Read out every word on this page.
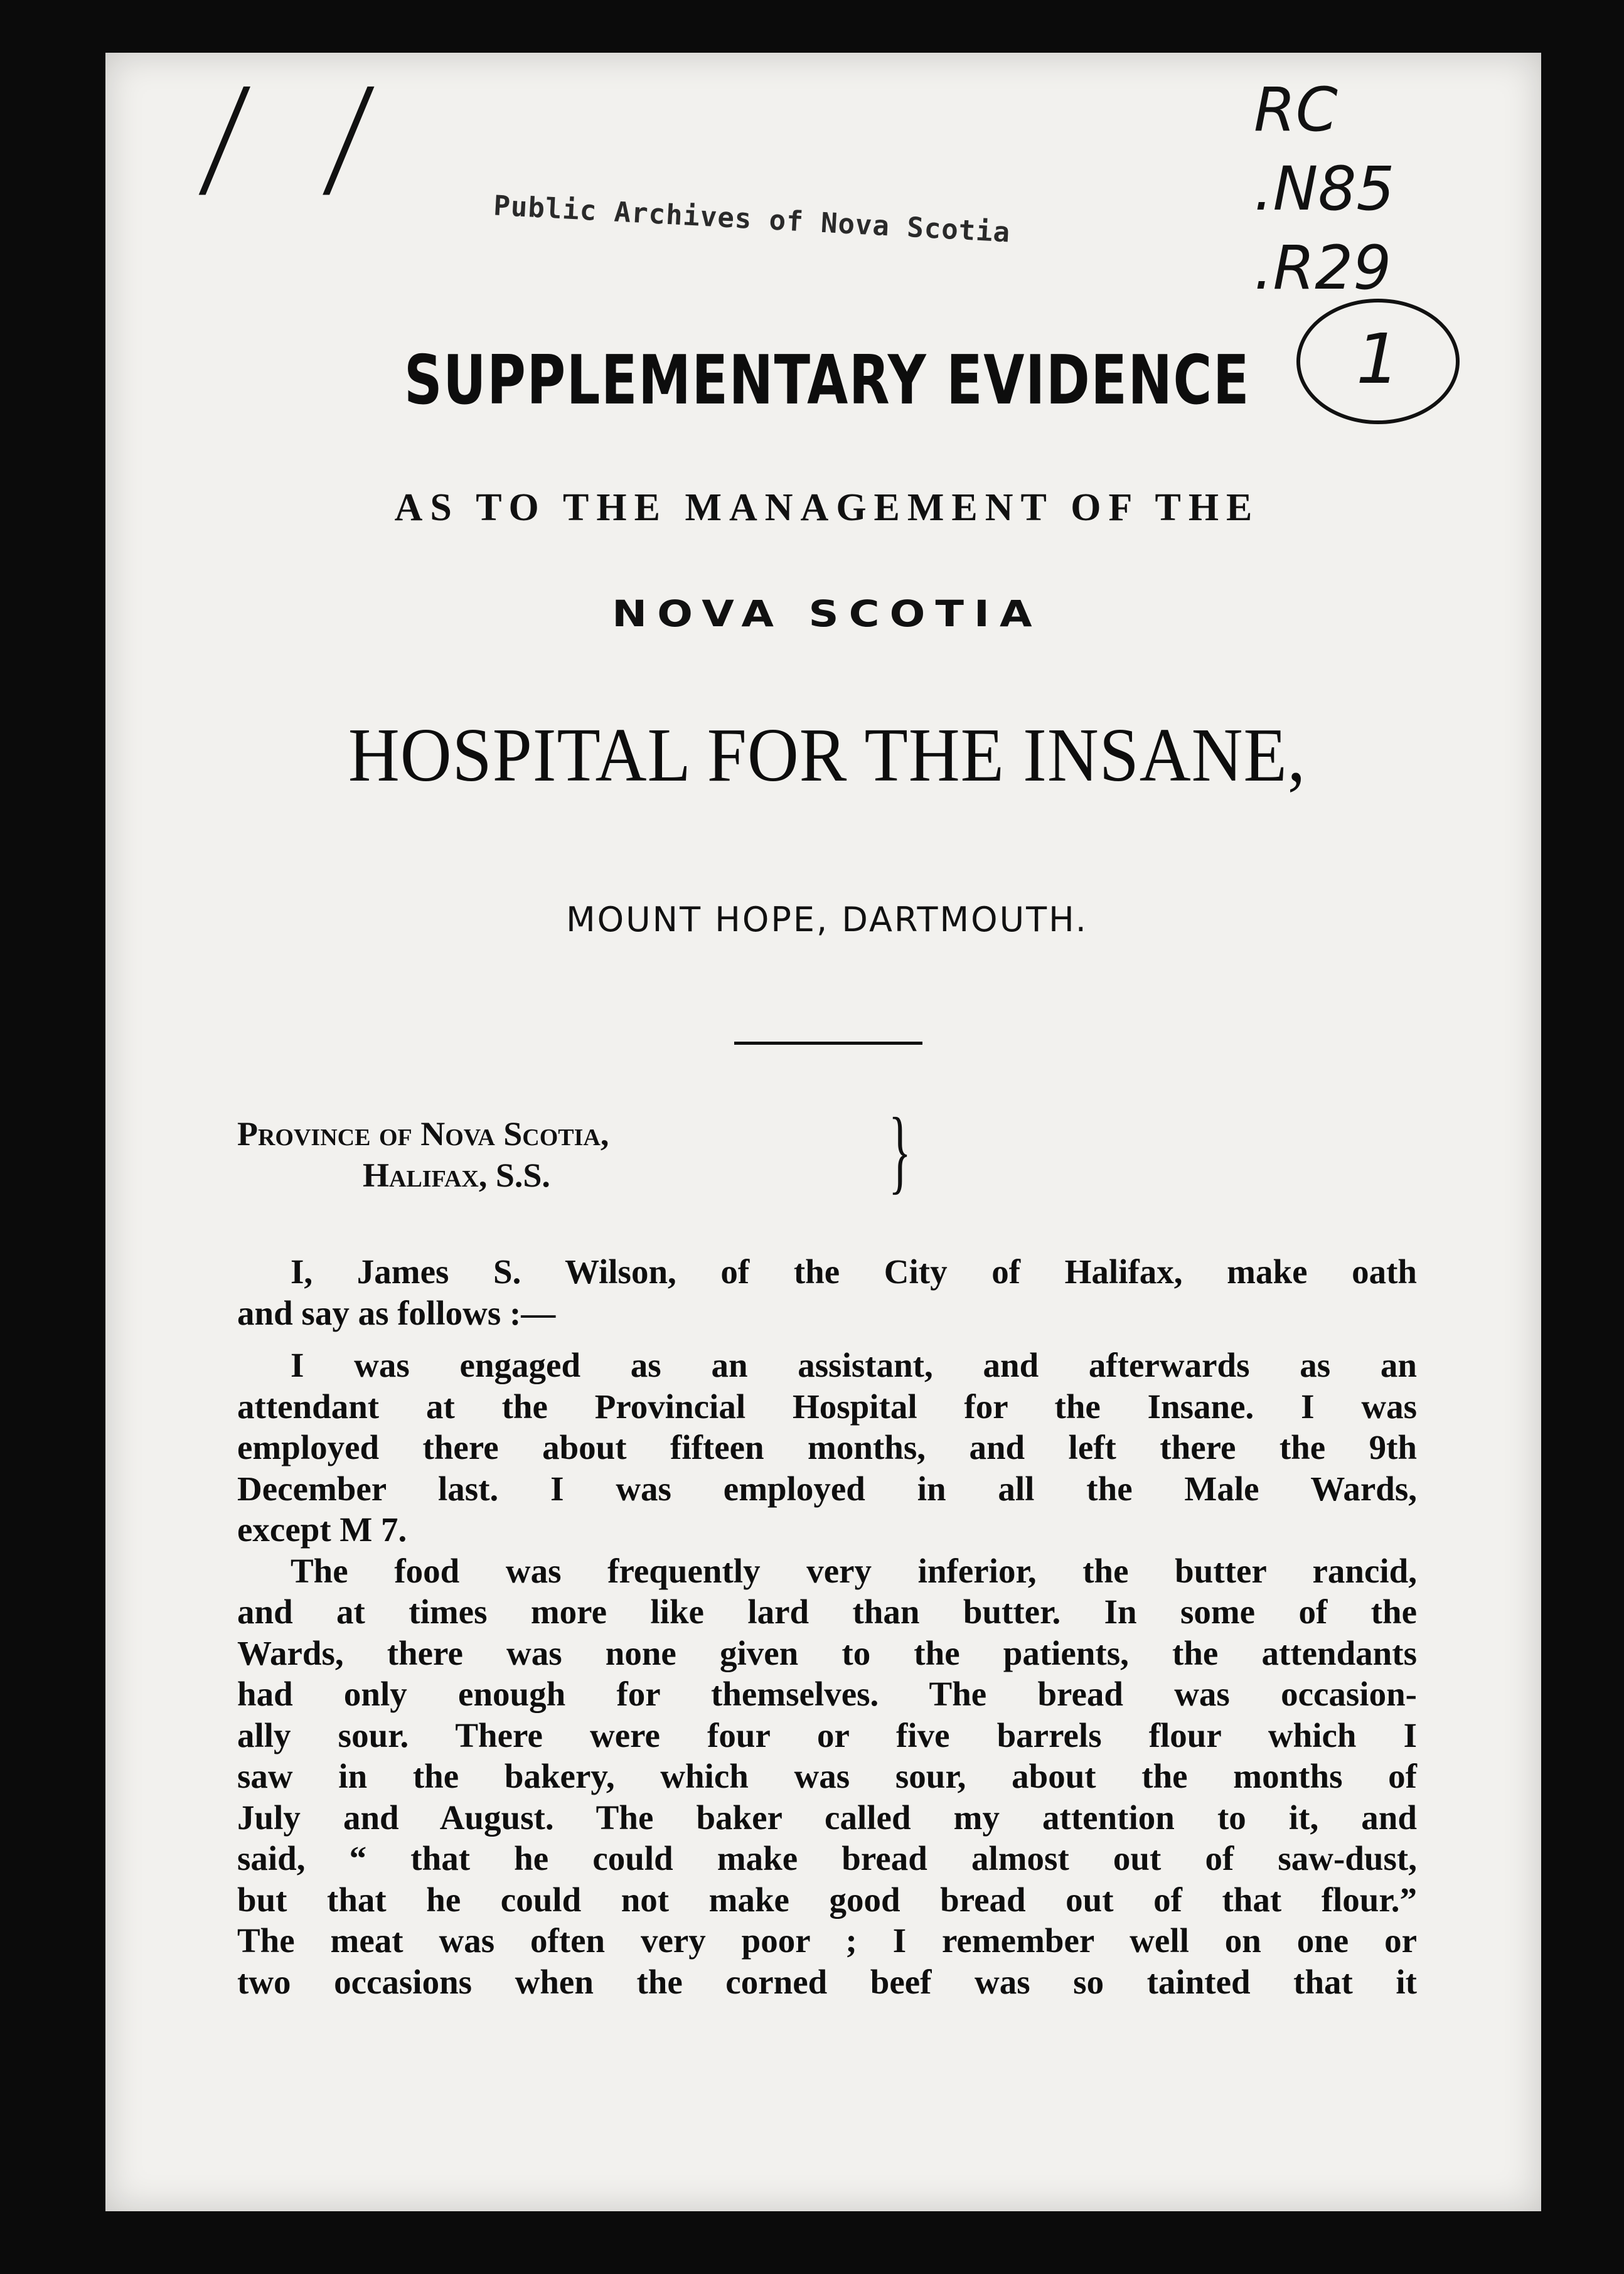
/ /	RC
.N85
.R29
1
Public Archives of Nova Scotia
SUPPLEMENTARY EVIDENCE
AS TO THE MANAGEMENT OF THE
NOVA SCOTIA
HOSPITAL FOR THE INSANE,
MOUNT HOPE, DARTMOUTH.
Province of Nova Scotia,
Halifax, S.S.	}
I, James S. Wilson, of the City of Halifax, make oath
and say as follows :—
I was engaged as an assistant, and afterwards as an
attendant at the Provincial Hospital for the Insane. I was
employed there about fifteen months, and left there the 9th
December last. I was employed in all the Male Wards,
except M 7.
The food was frequently very inferior, the butter rancid,
and at times more like lard than butter. In some of the
Wards, there was none given to the patients, the attendants
had only enough for themselves. The bread was occasion-
ally sour. There were four or five barrels flour which I
saw in the bakery, which was sour, about the months of
July and August. The baker called my attention to it, and
said, “ that he could make bread almost out of saw-dust,
but that he could not make good bread out of that flour.”
The meat was often very poor ; I remember well on one or
two occasions when the corned beef was so tainted that it
